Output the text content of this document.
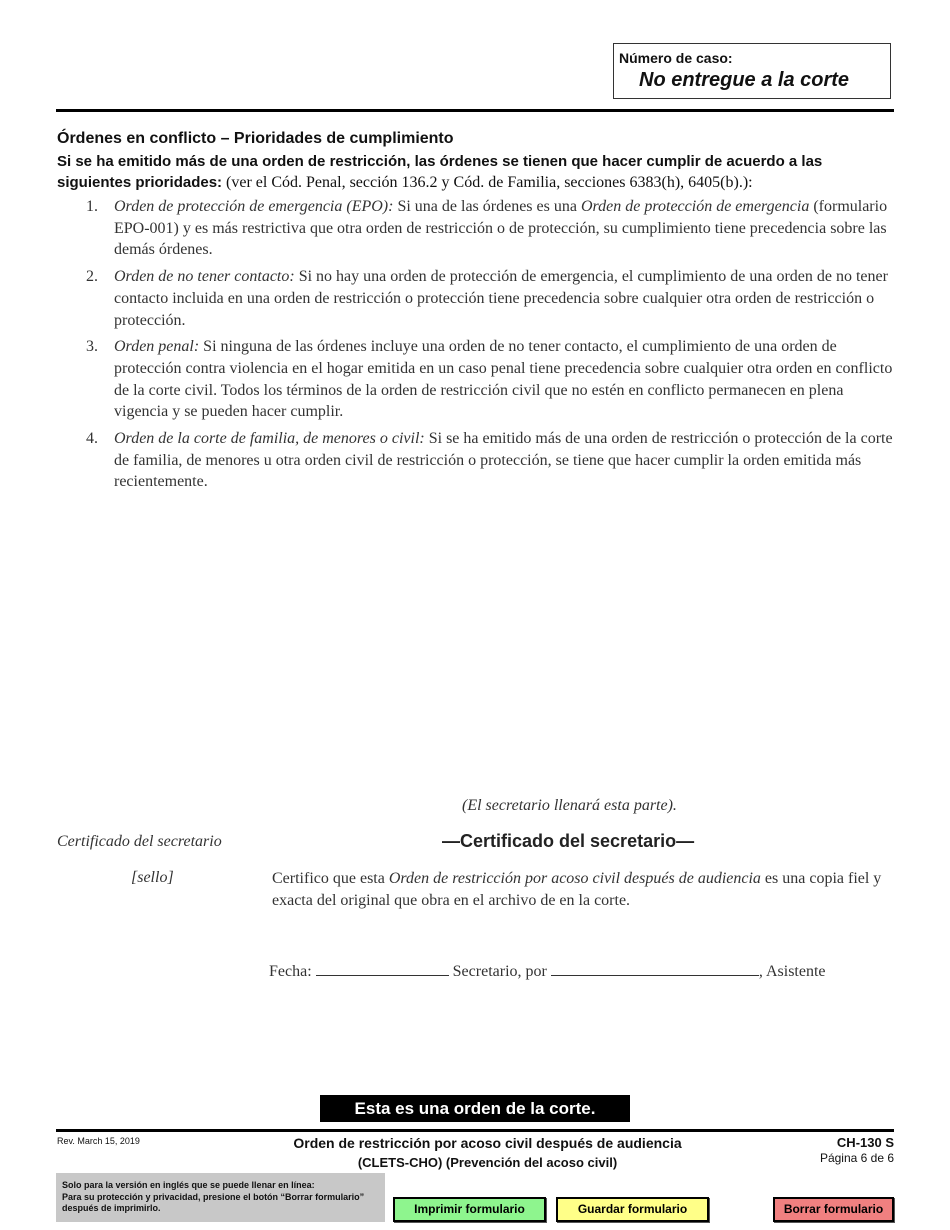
Número de caso:
No entregue a la corte
Órdenes en conflicto – Prioridades de cumplimiento
Si se ha emitido más de una orden de restricción, las órdenes se tienen que hacer cumplir de acuerdo a las siguientes prioridades: (ver el Cód. Penal, sección 136.2 y Cód. de Familia, secciones 6383(h), 6405(b).):
1. Orden de protección de emergencia (EPO): Si una de las órdenes es una Orden de protección de emergencia (formulario EPO-001) y es más restrictiva que otra orden de restricción o de protección, su cumplimiento tiene precedencia sobre las demás órdenes.
2. Orden de no tener contacto: Si no hay una orden de protección de emergencia, el cumplimiento de una orden de no tener contacto incluida en una orden de restricción o protección tiene precedencia sobre cualquier otra orden de restricción o protección.
3. Orden penal: Si ninguna de las órdenes incluye una orden de no tener contacto, el cumplimiento de una orden de protección contra violencia en el hogar emitida en un caso penal tiene precedencia sobre cualquier otra orden en conflicto de la corte civil. Todos los términos de la orden de restricción civil que no estén en conflicto permanecen en plena vigencia y se pueden hacer cumplir.
4. Orden de la corte de familia, de menores o civil: Si se ha emitido más de una orden de restricción o protección de la corte de familia, de menores u otra orden civil de restricción o protección, se tiene que hacer cumplir la orden emitida más recientemente.
(El secretario llenará esta parte).
Certificado del secretario	—Certificado del secretario—
[sello]	Certifico que esta Orden de restricción por acoso civil después de audiencia es una copia fiel y exacta del original que obra en el archivo de en la corte.
Fecha:	Secretario, por	, Asistente
Esta es una orden de la corte.
Rev. March 15, 2019	Orden de restricción por acoso civil después de audiencia
(CLETS-CHO) (Prevención del acoso civil)
CH-130 S
Página 6 de 6
Solo para la versión en inglés que se puede llenar en línea:
Para su protección y privacidad, presione el botón “Borrar formulario” después de imprimirlo.	Imprimir formulario	Guardar formulario	Borrar formulario
